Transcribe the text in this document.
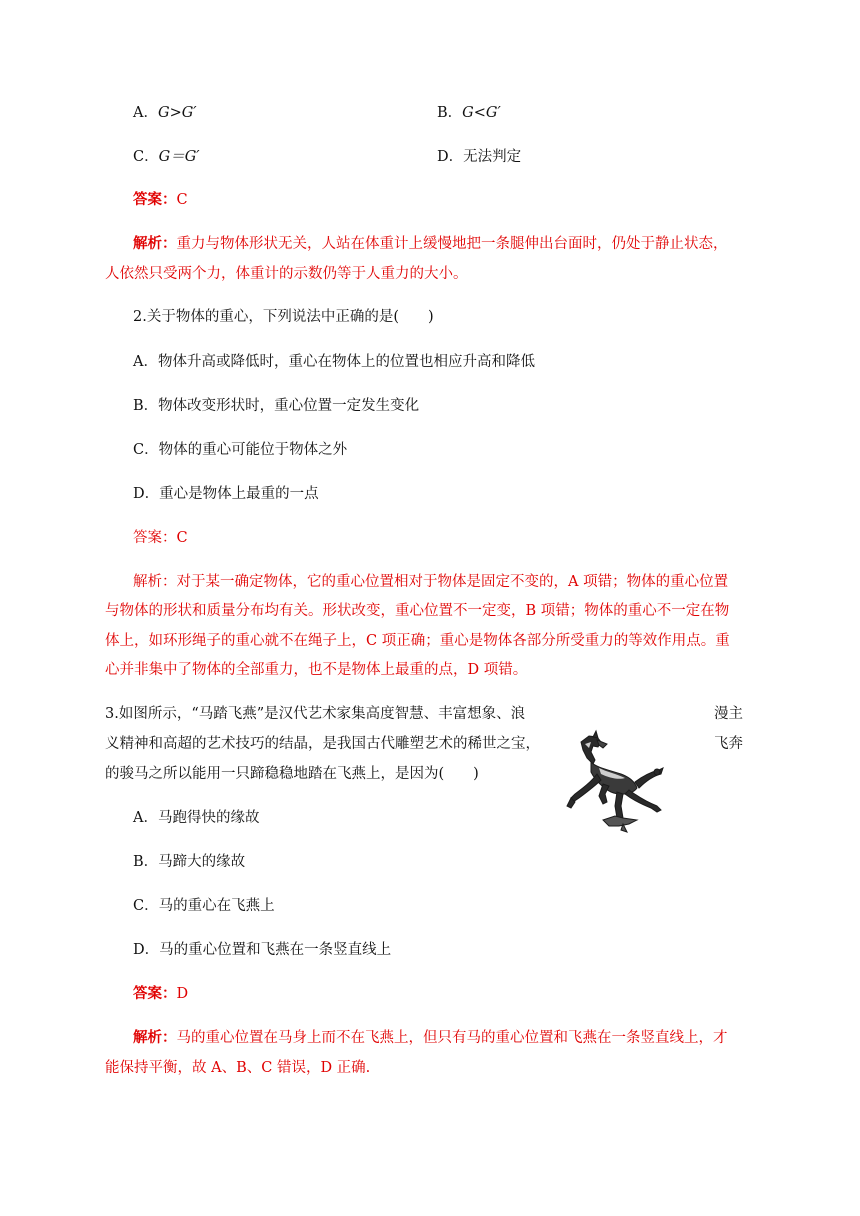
A．G>G′	B．G<G′
C．G＝G′	D．无法判定
答案：C
解析：重力与物体形状无关，人站在体重计上缓慢地把一条腿伸出台面时，仍处于静止状态，
人依然只受两个力，体重计的示数仍等于人重力的大小。
2.关于物体的重心，下列说法中正确的是(　　)
A．物体升高或降低时，重心在物体上的位置也相应升高和降低
B．物体改变形状时，重心位置一定发生变化
C．物体的重心可能位于物体之外
D．重心是物体上最重的一点
答案：C
解析：对于某一确定物体，它的重心位置相对于物体是固定不变的，A 项错；物体的重心位置
与物体的形状和质量分布均有关。形状改变，重心位置不一定变，B 项错；物体的重心不一定在物
体上，如环形绳子的重心就不在绳子上，C 项正确；重心是物体各部分所受重力的等效作用点。重
心并非集中了物体的全部重力，也不是物体上最重的点，D 项错。
3.如图所示，“马踏飞燕”是汉代艺术家集高度智慧、丰富想象、浪	漫主
义精神和高超的艺术技巧的结晶，是我国古代雕塑艺术的稀世之宝，	飞奔
的骏马之所以能用一只蹄稳稳地踏在飞燕上，是因为(　　)
A．马跑得快的缘故
B．马蹄大的缘故
C．马的重心在飞燕上
D．马的重心位置和飞燕在一条竖直线上
答案：D
解析：马的重心位置在马身上而不在飞燕上，但只有马的重心位置和飞燕在一条竖直线上，才
能保持平衡，故 A、B、C 错误，D 正确.
